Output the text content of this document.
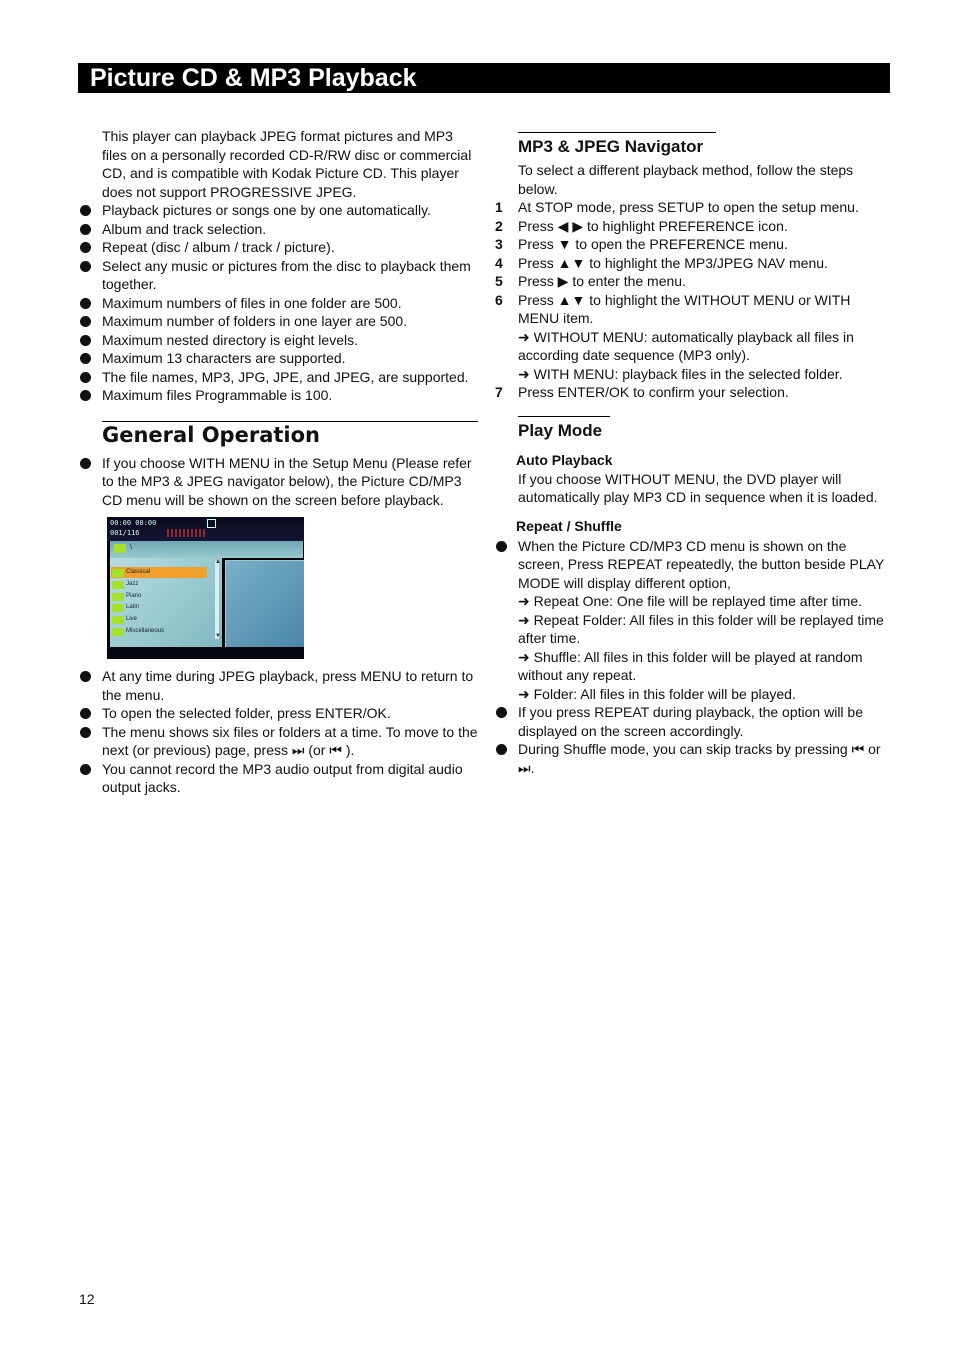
Picture CD & MP3 Playback

This player can playback JPEG format pictures and MP3 files on a personally recorded CD-R/RW disc or commercial CD, and is compatible with Kodak Picture CD. This player does not support PROGRESSIVE JPEG.

Playback pictures or songs one by one automatically.
Album and track selection.
Repeat (disc / album / track / picture).
Select any music or pictures from the disc to playback them together.
Maximum numbers of files in one folder are 500.
Maximum number of folders in one layer are 500.
Maximum nested directory is eight levels.
Maximum 13 characters are supported.
The file names, MP3, JPG, JPE, and JPEG, are supported.
Maximum files Programmable is 100.
General Operation
If you choose WITH MENU in the Setup Menu (Please refer to the MP3 & JPEG navigator below), the Picture CD/MP3 CD menu will be shown on the screen before playback.
00:00 00:00
001/116
\
Classical
Jazz
Piano
Latin
Live
Miscellaneous
▲
▼
At any time during JPEG playback, press MENU to return to the menu.
To open the selected folder, press ENTER/OK.
The menu shows six files or folders at a time. To move to the next (or previous) page, press ⏭ (or ⏮ ).
You cannot record the MP3 audio output from digital audio output jacks.
MP3 & JPEG Navigator

To select a different playback method, follow the steps below.

1 At STOP mode, press SETUP to open the setup menu.
2 Press ◀ ▶ to highlight PREFERENCE icon.
3 Press ▼ to open the PREFERENCE menu.
4 Press ▲▼ to highlight the MP3/JPEG NAV menu.
5 Press ▶ to enter the menu.
6 Press ▲▼ to highlight the WITHOUT MENU or WITH MENU item.

➜ WITHOUT MENU: automatically playback all files in according date sequence (MP3 only).

➜ WITH MENU: playback files in the selected folder.

7 Press ENTER/OK to confirm your selection.
Play Mode
Auto Playback

If you choose WITHOUT MENU, the DVD player will automatically play MP3 CD in sequence when it is loaded.

Repeat / Shuffle
When the Picture CD/MP3 CD menu is shown on the screen, Press REPEAT repeatedly, the button beside PLAY MODE will display different option,

➜ Repeat One: One file will be replayed time after time.

➜ Repeat Folder: All files in this folder will be replayed time after time.

➜ Shuffle: All files in this folder will be played at random without any repeat.

➜ Folder: All files in this folder will be played.

If you press REPEAT during playback, the option will be displayed on the screen accordingly.
During Shuffle mode, you can skip tracks by pressing ⏮ or ⏭.
12
